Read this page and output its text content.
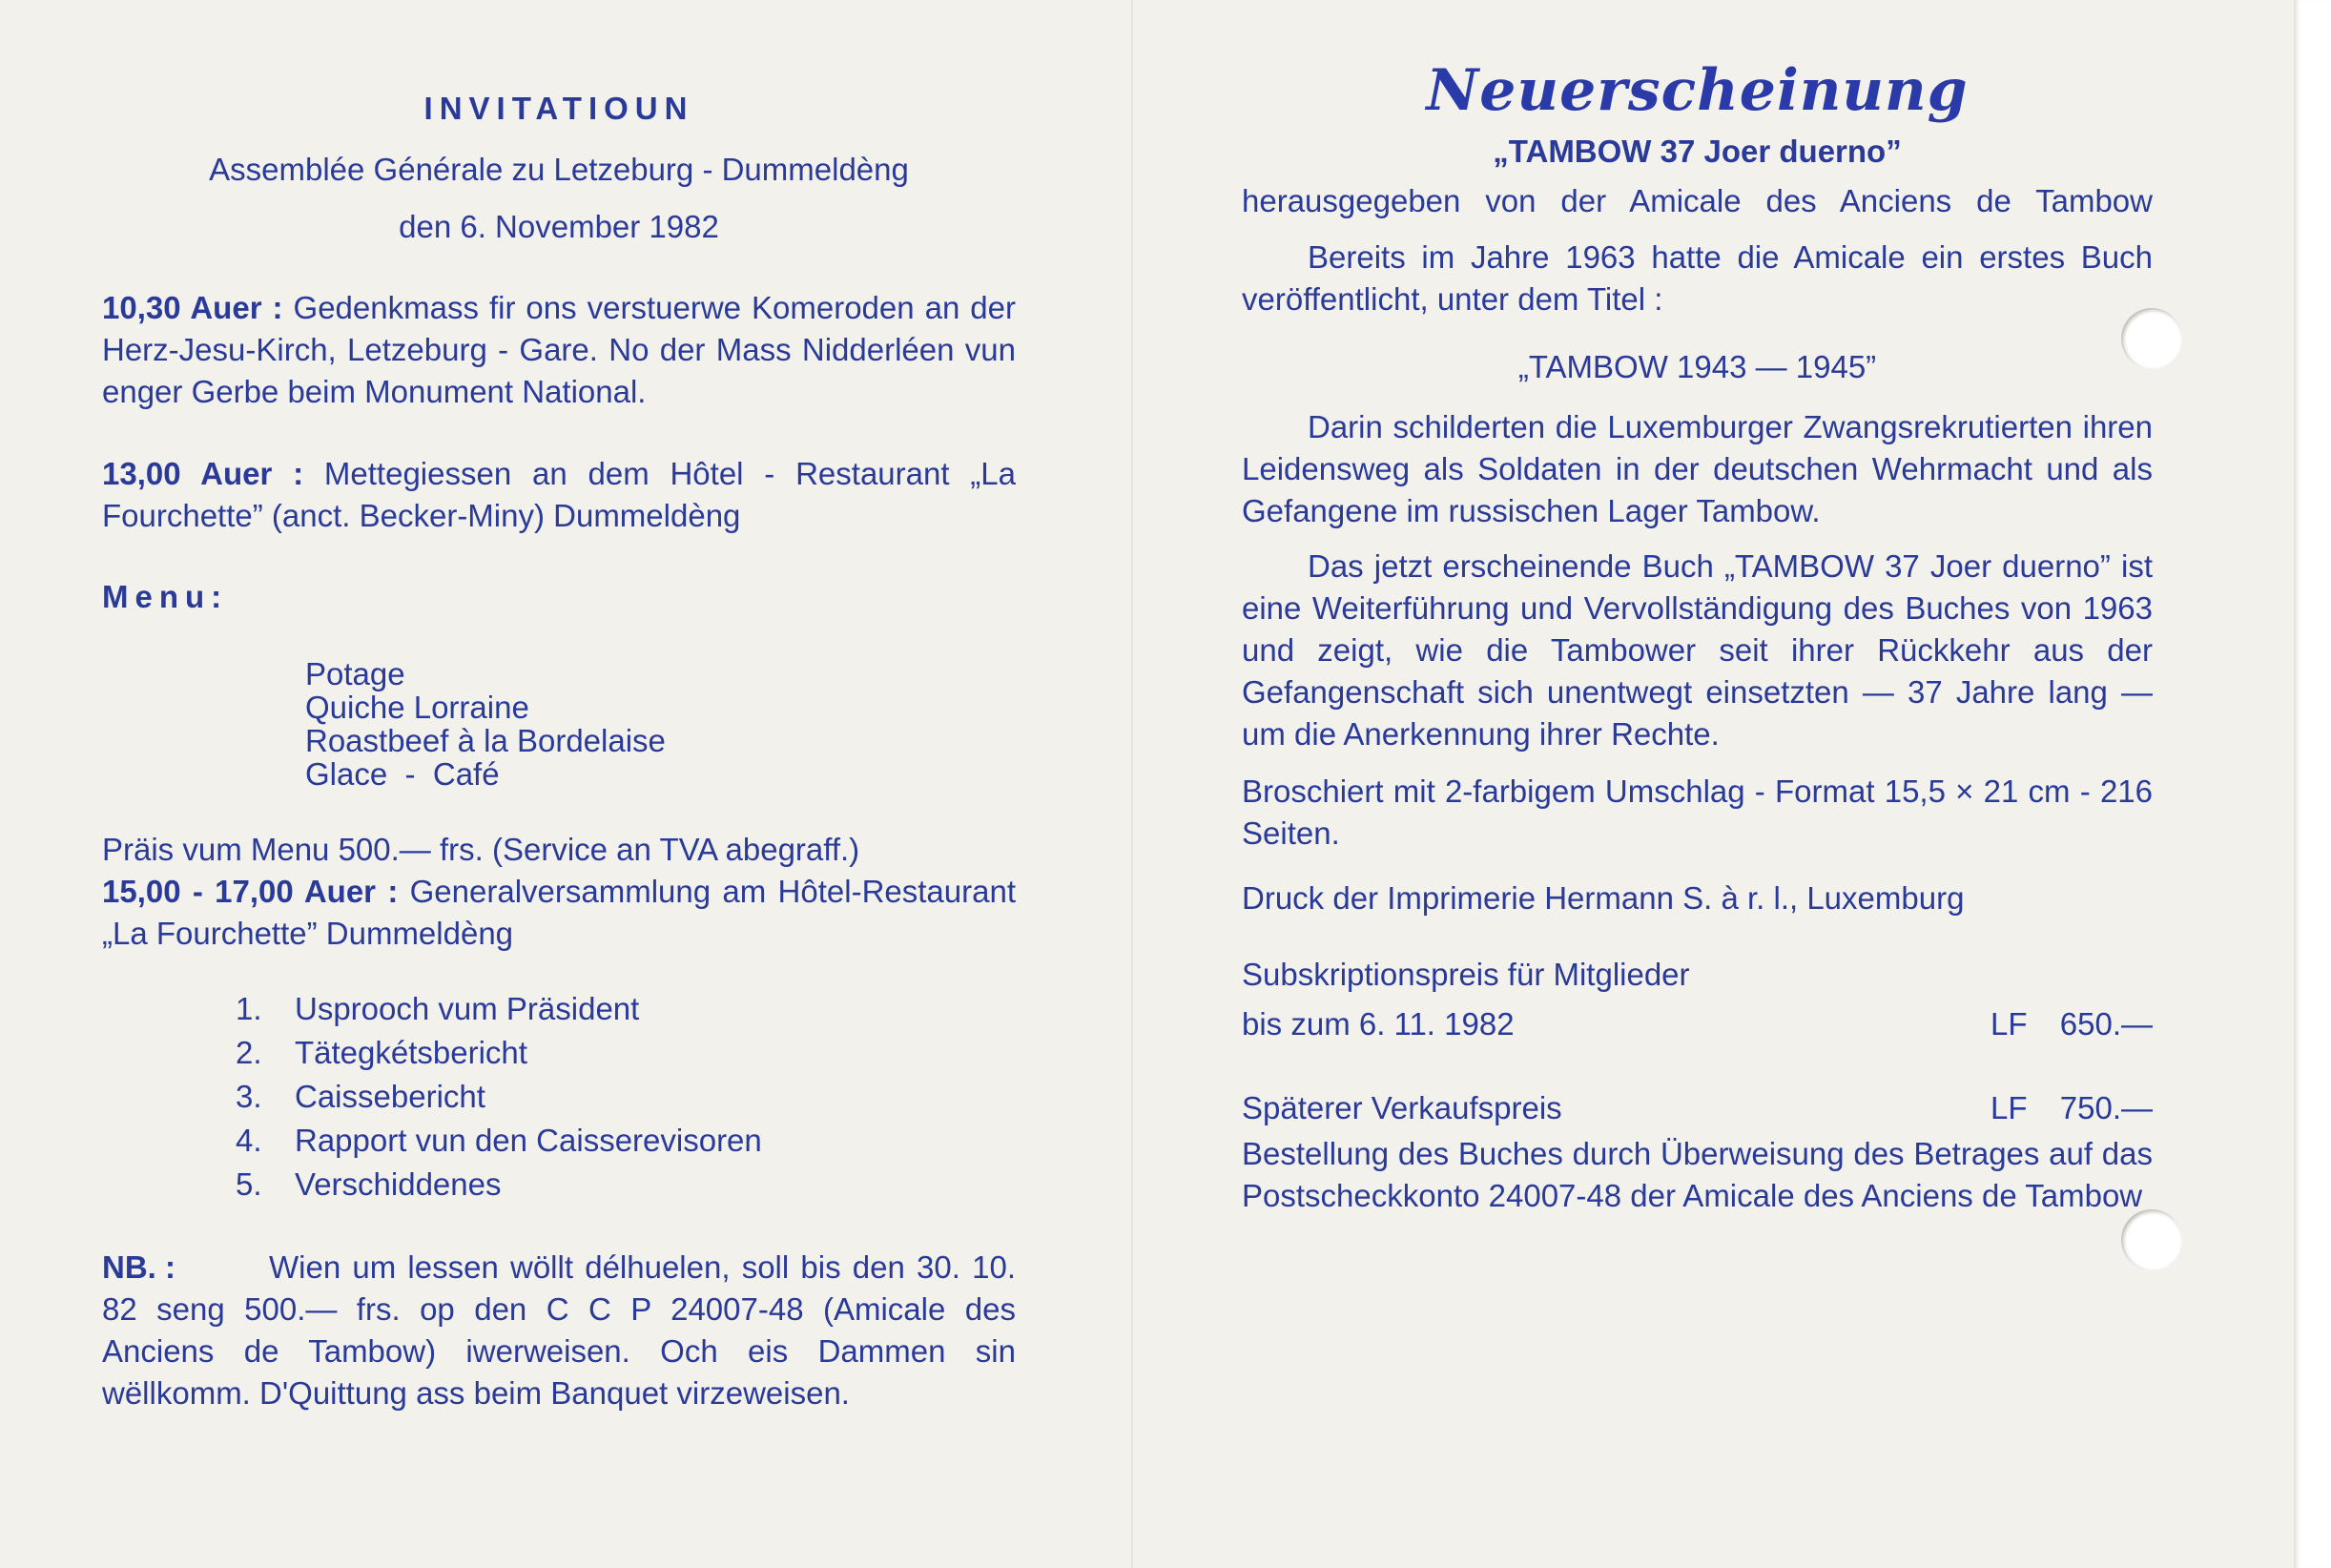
INVITATIOUN
Assemblée Générale zu Letzeburg - Dummeldèng
den 6. November 1982

10,30 Auer : Gedenkmass fir ons verstuerwe Komeroden an der Herz-Jesu-Kirch, Letzeburg - Gare. No der Mass Nidderléen vun enger Gerbe beim Monument National.

13,00 Auer : Mettegiessen an dem Hôtel - Restaurant „La Fourchette” (anct. Becker-Miny) Dummeldèng

Menu:
Potage
Quiche Lorraine
Roastbeef à la Bordelaise
Glace  -  Café

Präis vum Menu 500.— frs. (Service an TVA abegraff.)

15,00 - 17,00 Auer : Generalversammlung am Hôtel-Restaurant „La Fourchette” Dummeldèng

1. Usprooch vum Präsident
2. Tätegkétsbericht
3. Caissebericht
4. Rapport vun den Caisserevisoren
5. Verschiddenes

NB. :	Wien um lessen wöllt délhuelen, soll bis den 30. 10. 82 seng 500.— frs. op den C C P 24007-48 (Amicale des Anciens de Tambow) iwerweisen. Och eis Dammen sin wëllkomm. D'Quittung ass beim Banquet virzeweisen.

Neuerscheinung
„TAMBOW 37 Joer duerno”
herausgegeben von der Amicale des Anciens de Tambow

Bereits im Jahre 1963 hatte die Amicale ein erstes Buch veröffentlicht, unter dem Titel :

„TAMBOW 1943 — 1945”

Darin schilderten die Luxemburger Zwangsrekrutierten ihren Leidensweg als Soldaten in der deutschen Wehrmacht und als Gefangene im russischen Lager Tambow.

Das jetzt erscheinende Buch „TAMBOW 37 Joer duerno” ist eine Weiterführung und Vervollständigung des Buches von 1963 und zeigt, wie die Tambower seit ihrer Rückkehr aus der Gefangenschaft sich unentwegt einsetzten — 37 Jahre lang — um die Anerkennung ihrer Rechte.

Broschiert mit 2-farbigem Umschlag - Format 15,5 × 21 cm - 216 Seiten.

Druck der Imprimerie Hermann S. à r. l., Luxemburg

Subskriptionspreis für Mitglieder
bis zum 6. 11. 1982	LF 650.—
Späterer Verkaufspreis	LF 750.—

Bestellung des Buches durch Überweisung des Betrages auf das Postscheckkonto 24007-48 der Amicale des Anciens de Tambow
